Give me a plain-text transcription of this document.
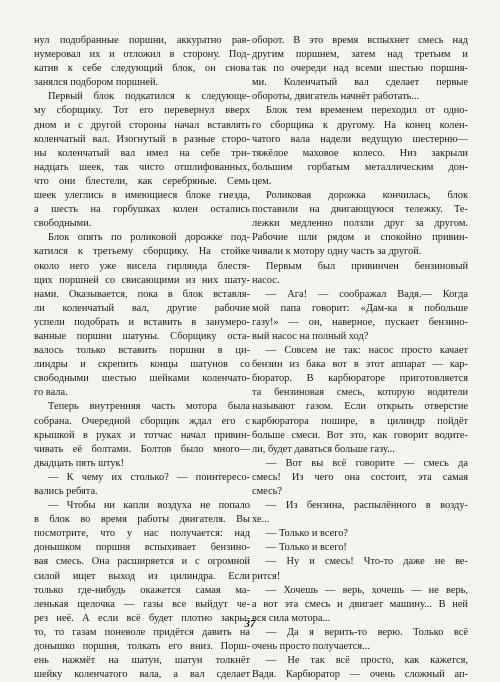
нул подобранные поршни, аккуратно рав-
нумеровал их и отложил в сторону. Под-
катив к себе следующий блок, он снова
занялся подбором поршней.
Первый блок подкатился к следующе-
му сборщику. Тот его перевернул вверх
дном и с другой стороны начал вставлять
коленчатый вал. Изогнутый в разные сторо-
ны коленчатый вал имел на себе три-
надцать шеек, так чисто отшлифованных,
что они блестели, как серебряные. Семь
шеек улеглись в имеющиеся блоке гнезда,
а шесть на горбушках колен остались
свободными.
Блок опять по роликовой дорожке под-
катился к третьему сборщику. На стойке
около него уже висела гирлянда блестя-
щих поршней со свисающими из них шату-
нами. Оказывается, пока в блок вставля-
ли коленчатый вал, другие рабочие
успели подобрать и вставить в занумеро-
ванные поршни шатуны. Сборщику оста-
валось только вставить поршни в ци-
линдры и скрепить концы шатунов со
свободными шестью шейками коленчато-
го вала.
Теперь внутренняя часть мотора была
собрана. Очередной сборщик ждал его с
крышкой в руках и тотчас начал привин-
чивать её болтами. Болтов было много—
двадцать пять штук!
— К чему их столько? — поинтересо-
вались ребята.
— Чтобы ни капли воздуха не попало
в блок во время работы двигателя. Вы
посмотрите, что у нас получается: над
донышком поршня вспыхивает бензино-
вая смесь. Она расширяется и с огромной
силой ищет выход из цилиндра. Если
только где-нибудь окажется самая ма-
ленькая щелочка — газы все выйдут че-
рез неё. А если всё будет плотно закры-
то, то газам поневоле придётся давить на
донышко поршня, толкать его вниз. Порш-
ень нажмёт на шатун, шатун толкнёт
шейку коленчатого вала, а вал сделает
оборот. В это время вспыхнет смесь над
другим поршнем, затем над третьим и
так по очереди над всеми шестью поршня-
ми. Коленчатый вал сделает первые
обороты, двигатель начнёт работать...
Блок тем временем переходил от одно-
го сборщика к другому. На конец колен-
чатого вала надели ведущую шестерню—
тяжёлое маховое колесо. Низ закрыли
большим горбатым металлическим дон-
цем.
Роликовая дорожка кончилась, блок
поставили на двигающуюся тележку. Те-
лежки медленно ползли друг за другом.
Рабочие шли рядом и спокойно привин-
чивали к мотору одну часть за другой.
Первым был привинчен бензиновый
насос.
— Ага! — соображал Вадя.— Когда
мой папа говорит: «Дам-ка я побольше
газу!» — он, наверное, пускает бензино-
вый насос на полный ход?
— Совсем не так: насос просто качает
бензин из бака вот в этот аппарат — кар-
бюратор. В карбюраторе приготовляется
та бензиновая смесь, которую водители
называют газом. Если открыть отверстие
карбюратора пошире, в цилиндр пойдёт
больше смеси. Вот это, как говорит водите-
ли, будет даваться больше газу...
— Вот вы всё говорите — смесь да
смесь! Из чего она состоит, эта самая
смесь?
— Из бензина, распылённого в возду-
хе...
— Только и всего?
— Только и всего!
— Ну и смесь! Что-то даже не ве-
рится!
— Хочешь — верь, хочешь — не верь,
а вот эта смесь и двигает машину... В ней
вся сила мотора...
— Да я верить-то верю. Только всё
очень просто получается...
— Не так всё просто, как кажется,
Вадя. Карбюратор — очень сложный ап-
37
